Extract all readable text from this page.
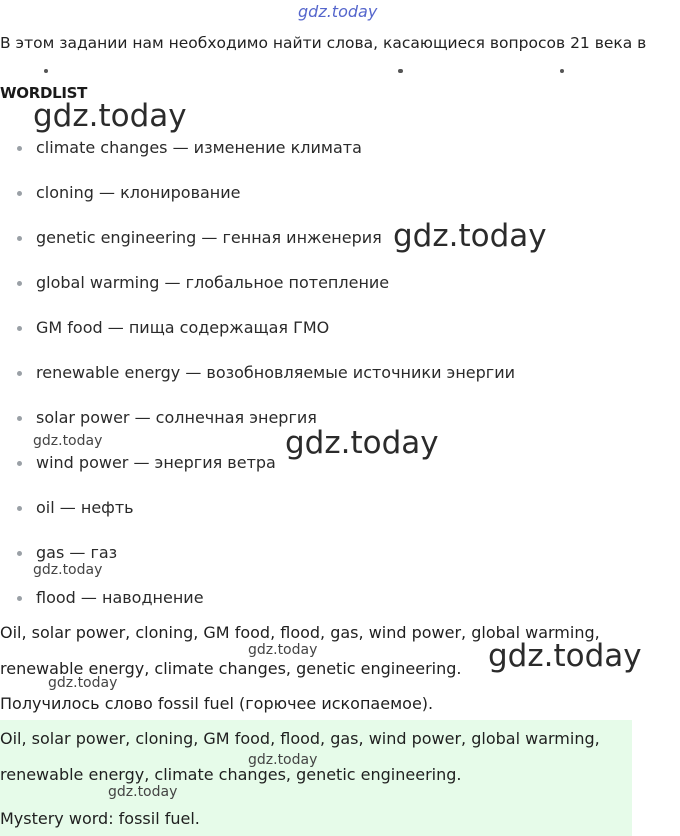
gdz.today
В этом задании нам необходимо найти слова, касающиеся вопросов 21 века в
WORDLIST
climate changes — изменение климата
cloning — клонирование
genetic engineering — генная инженерия
global warming — глобальное потепление
GM food — пища содержащая ГМО
renewable energy — возобновляемые источники энергии
solar power — солнечная энергия
wind power — энергия ветра
oil — нефть
gas — газ
flood — наводнение
Oil, solar power, cloning, GM food, flood, gas, wind power, global warming,
renewable energy, climate changes, genetic engineering.
Получилось слово fossil fuel (горючее ископаемое).
Oil, solar power, cloning, GM food, flood, gas, wind power, global warming,
renewable energy, climate changes, genetic engineering.
Mystery word: fossil fuel.
gdz.today
gdz.today
gdz.today
gdz.today
gdz.today
gdz.today
gdz.today
gdz.today
gdz.today
gdz.today
